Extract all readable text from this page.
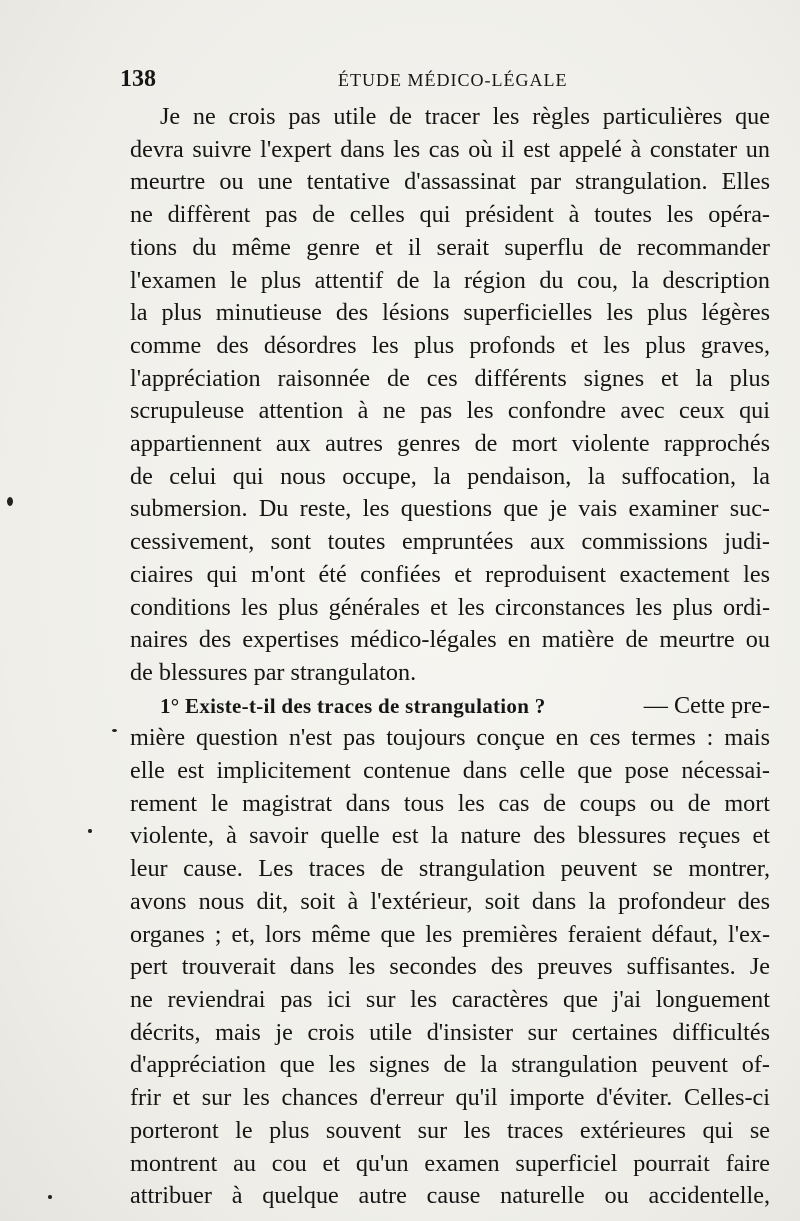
138	ÉTUDE MÉDICO-LÉGALE
Je ne crois pas utile de tracer les règles particulières que
devra suivre l'expert dans les cas où il est appelé à constater un
meurtre ou une tentative d'assassinat par strangulation. Elles
ne diffèrent pas de celles qui président à toutes les opéra-
tions du même genre et il serait superflu de recommander
l'examen le plus attentif de la région du cou, la description
la plus minutieuse des lésions superficielles les plus légères
comme des désordres les plus profonds et les plus graves,
l'appréciation raisonnée de ces différents signes et la plus
scrupuleuse attention à ne pas les confondre avec ceux qui
appartiennent aux autres genres de mort violente rapprochés
de celui qui nous occupe, la pendaison, la suffocation, la
submersion. Du reste, les questions que je vais examiner suc-
cessivement, sont toutes empruntées aux commissions judi-
ciaires qui m'ont été confiées et reproduisent exactement les
conditions les plus générales et les circonstances les plus ordi-
naires des expertises médico-légales en matière de meurtre ou
de blessures par strangulaton.
1° Existe-t-il des traces de strangulation ?	— Cette pre-
mière question n'est pas toujours conçue en ces termes : mais
elle est implicitement contenue dans celle que pose nécessai-
rement le magistrat dans tous les cas de coups ou de mort
violente, à savoir quelle est la nature des blessures reçues et
leur cause. Les traces de strangulation peuvent se montrer,
avons nous dit, soit à l'extérieur, soit dans la profondeur des
organes ; et, lors même que les premières feraient défaut, l'ex-
pert trouverait dans les secondes des preuves suffisantes. Je
ne reviendrai pas ici sur les caractères que j'ai longuement
décrits, mais je crois utile d'insister sur certaines difficultés
d'appréciation que les signes de la strangulation peuvent of-
frir et sur les chances d'erreur qu'il importe d'éviter. Celles-ci
porteront le plus souvent sur les traces extérieures qui se
montrent au cou et qu'un examen superficiel pourrait faire
attribuer à quelque autre cause naturelle ou accidentelle,
